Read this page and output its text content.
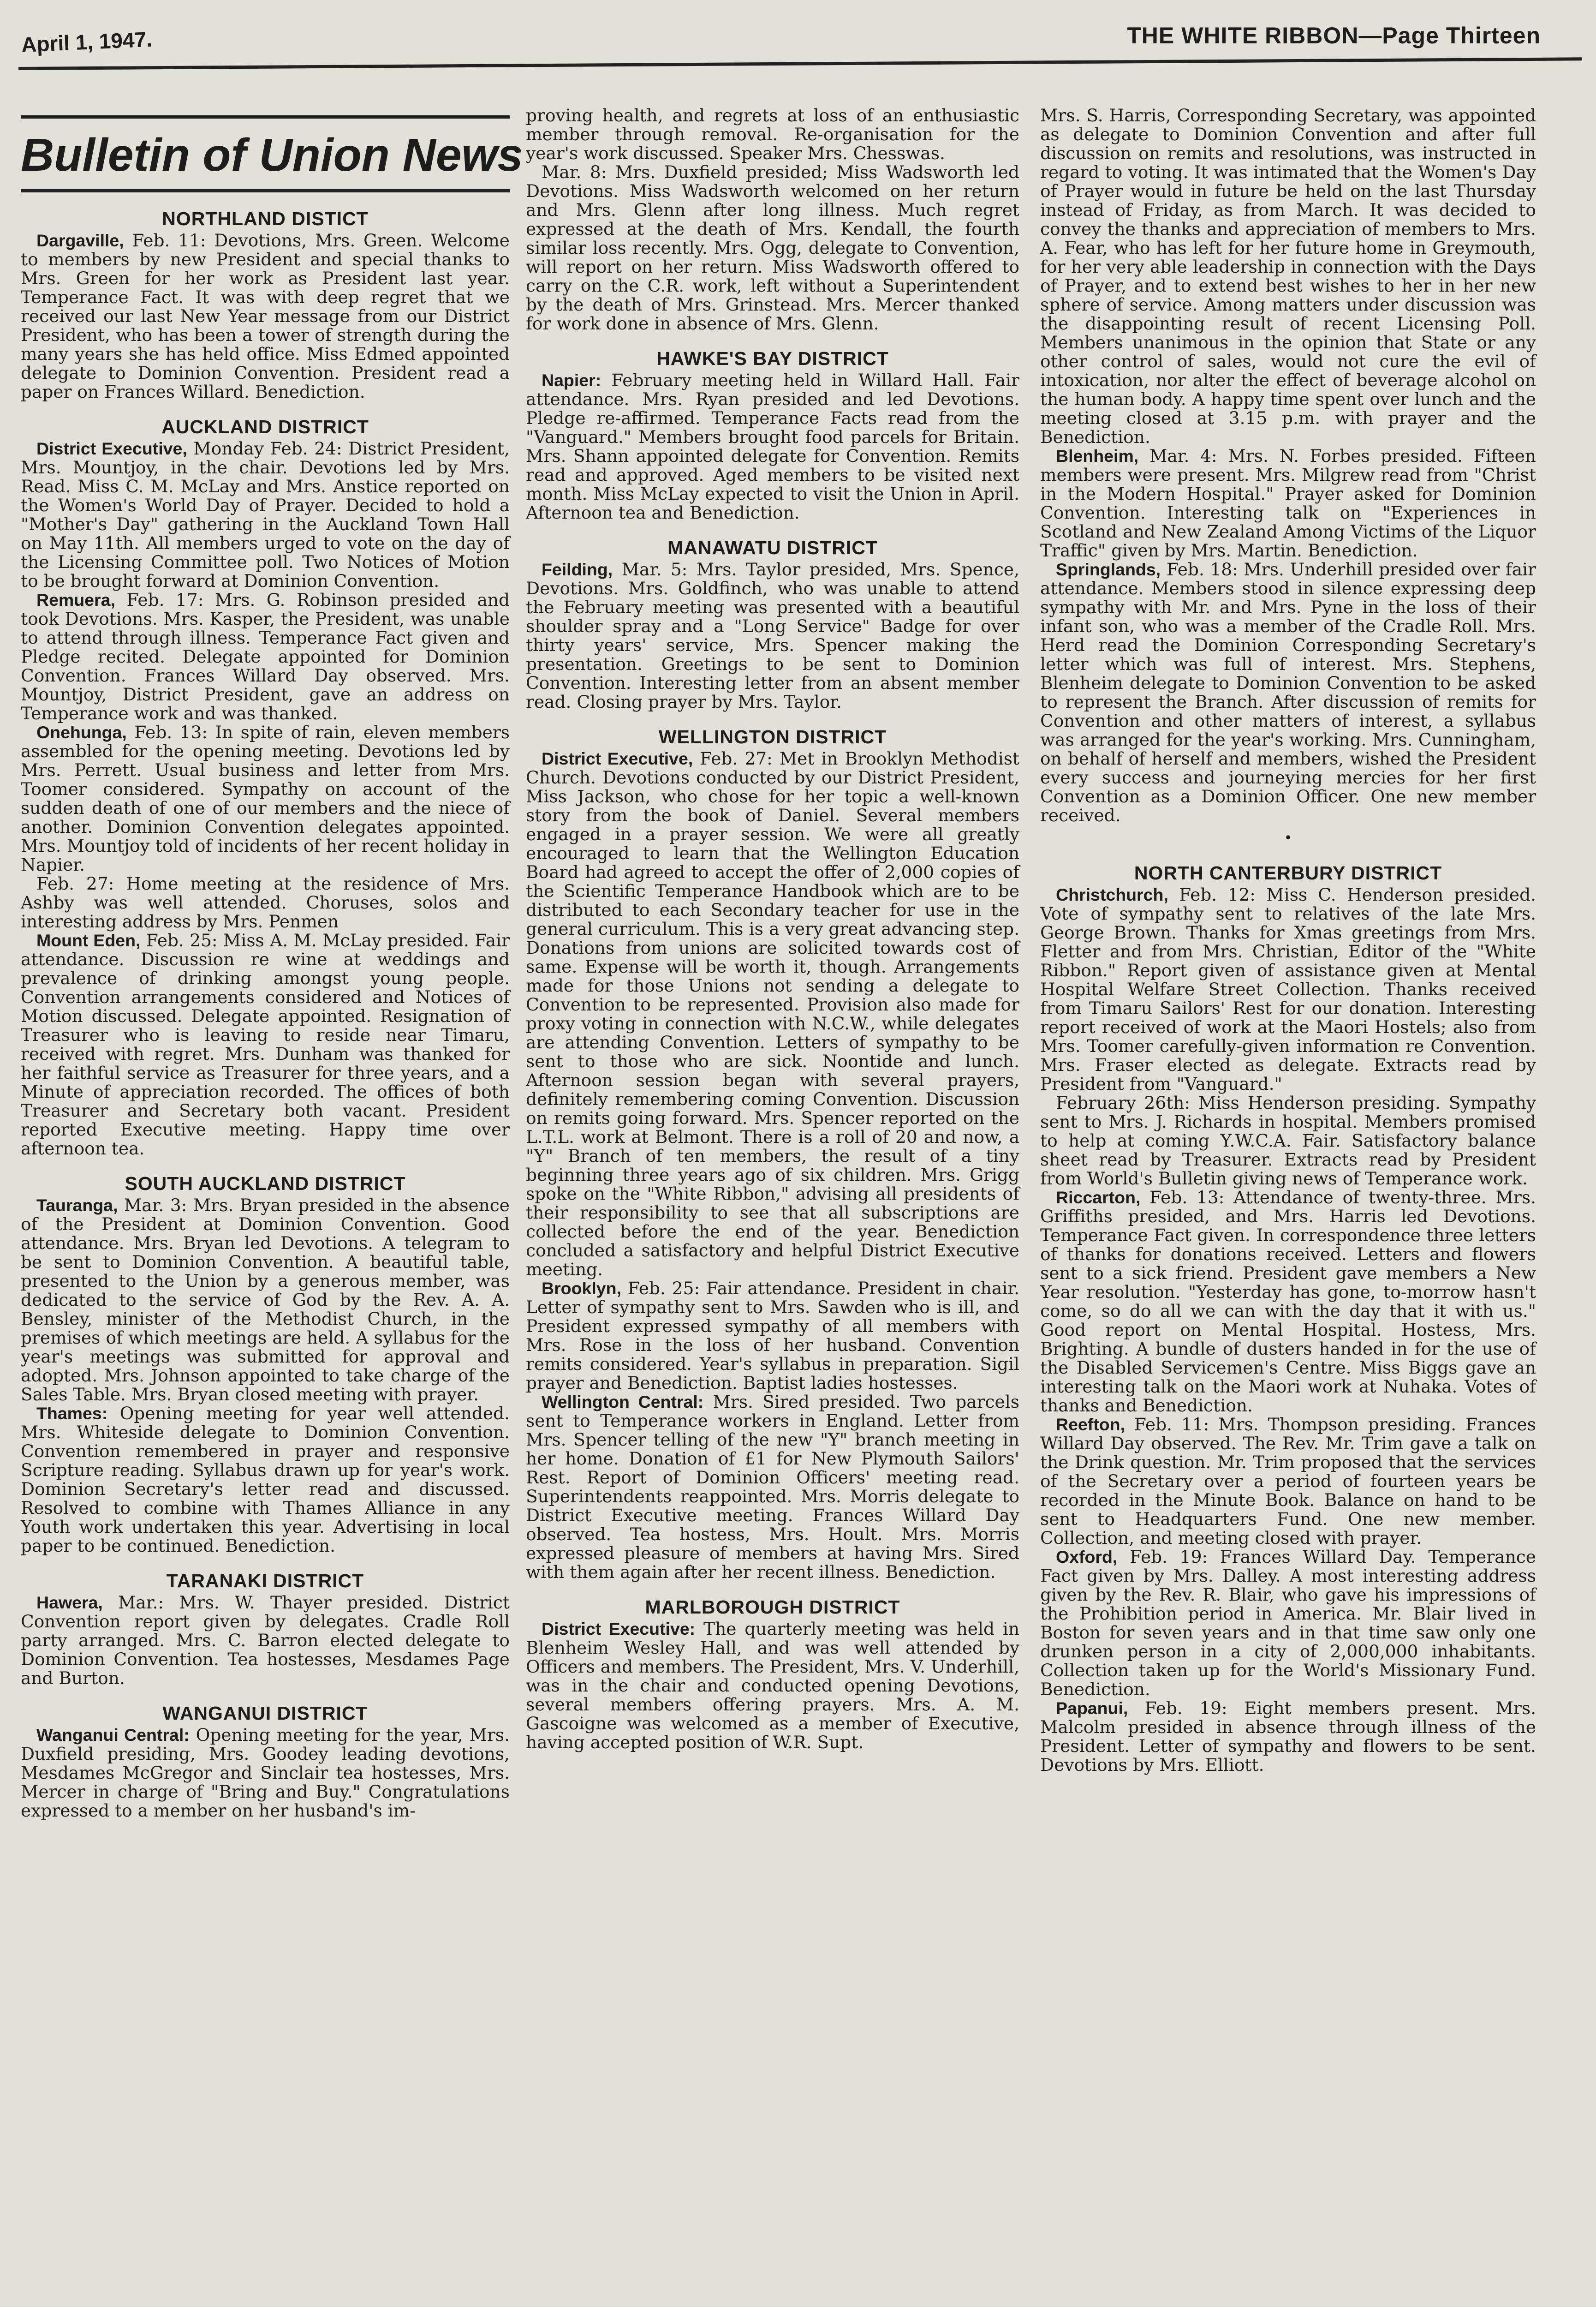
April 1, 1947.	THE WHITE RIBBON—Page Thirteen
Bulletin of Union News
NORTHLAND DISTICT

Dargaville, Feb. 11: Devotions, Mrs. Green. Welcome to members by new President and special thanks to Mrs. Green for her work as President last year. Temperance Fact. It was with deep regret that we received our last New Year message from our District President, who has been a tower of strength during the many years she has held office. Miss Edmed appointed delegate to Dominion Convention. President read a paper on Frances Willard. Benediction.

AUCKLAND DISTRICT

District Executive, Monday Feb. 24: District President, Mrs. Mountjoy, in the chair. Devotions led by Mrs. Read. Miss C. M. McLay and Mrs. Anstice reported on the Women's World Day of Prayer. Decided to hold a "Mother's Day" gathering in the Auckland Town Hall on May 11th. All members urged to vote on the day of the Licensing Committee poll. Two Notices of Motion to be brought forward at Dominion Convention.

Remuera, Feb. 17: Mrs. G. Robinson presided and took Devotions. Mrs. Kasper, the President, was unable to attend through illness. Temperance Fact given and Pledge recited. Delegate appointed for Dominion Convention. Frances Willard Day observed. Mrs. Mountjoy, District President, gave an address on Temperance work and was thanked.

Onehunga, Feb. 13: In spite of rain, eleven members assembled for the opening meeting. Devotions led by Mrs. Perrett. Usual business and letter from Mrs. Toomer considered. Sympathy on account of the sudden death of one of our members and the niece of another. Dominion Convention delegates appointed. Mrs. Mountjoy told of incidents of her recent holiday in Napier.

Feb. 27: Home meeting at the residence of Mrs. Ashby was well attended. Choruses, solos and interesting address by Mrs. Penmen

Mount Eden, Feb. 25: Miss A. M. McLay presided. Fair attendance. Discussion re wine at weddings and prevalence of drinking amongst young people. Convention arrangements considered and Notices of Motion discussed. Delegate appointed. Resignation of Treasurer who is leaving to reside near Timaru, received with regret. Mrs. Dunham was thanked for her faithful service as Treasurer for three years, and a Minute of appreciation recorded. The offices of both Treasurer and Secretary both vacant. President reported Executive meeting. Happy time over afternoon tea.

SOUTH AUCKLAND DISTRICT

Tauranga, Mar. 3: Mrs. Bryan presided in the absence of the President at Dominion Convention. Good attendance. Mrs. Bryan led Devotions. A telegram to be sent to Dominion Convention. A beautiful table, presented to the Union by a generous member, was dedicated to the service of God by the Rev. A. A. Bensley, minister of the Methodist Church, in the premises of which meetings are held. A syllabus for the year's meetings was submitted for approval and adopted. Mrs. Johnson appointed to take charge of the Sales Table. Mrs. Bryan closed meeting with prayer.

Thames: Opening meeting for year well attended. Mrs. Whiteside delegate to Dominion Convention. Convention remembered in prayer and responsive Scripture reading. Syllabus drawn up for year's work. Dominion Secretary's letter read and discussed. Resolved to combine with Thames Alliance in any Youth work undertaken this year. Advertising in local paper to be continued. Benediction.

TARANAKI DISTRICT

Hawera, Mar.: Mrs. W. Thayer presided. District Convention report given by delegates. Cradle Roll party arranged. Mrs. C. Barron elected delegate to Dominion Convention. Tea hostesses, Mesdames Page and Burton.

WANGANUI DISTRICT

Wanganui Central: Opening meeting for the year, Mrs. Duxfield presiding, Mrs. Goodey leading devotions, Mesdames McGregor and Sinclair tea hostesses, Mrs. Mercer in charge of "Bring and Buy." Congratulations expressed to a member on her husband's im-

proving health, and regrets at loss of an enthusiastic member through removal. Re-organisation for the year's work discussed. Speaker Mrs. Chesswas.

Mar. 8: Mrs. Duxfield presided; Miss Wadsworth led Devotions. Miss Wadsworth welcomed on her return and Mrs. Glenn after long illness. Much regret expressed at the death of Mrs. Kendall, the fourth similar loss recently. Mrs. Ogg, delegate to Convention, will report on her return. Miss Wadsworth offered to carry on the C.R. work, left without a Superintendent by the death of Mrs. Grinstead. Mrs. Mercer thanked for work done in absence of Mrs. Glenn.

HAWKE'S BAY DISTRICT

Napier: February meeting held in Willard Hall. Fair attendance. Mrs. Ryan presided and led Devotions. Pledge re-affirmed. Temperance Facts read from the "Vanguard." Members brought food parcels for Britain. Mrs. Shann appointed delegate for Convention. Remits read and approved. Aged members to be visited next month. Miss McLay expected to visit the Union in April. Afternoon tea and Benediction.

MANAWATU DISTRICT

Feilding, Mar. 5: Mrs. Taylor presided, Mrs. Spence, Devotions. Mrs. Goldfinch, who was unable to attend the February meeting was presented with a beautiful shoulder spray and a "Long Service" Badge for over thirty years' service, Mrs. Spencer making the presentation. Greetings to be sent to Dominion Convention. Interesting letter from an absent member read. Closing prayer by Mrs. Taylor.

WELLINGTON DISTRICT

District Executive, Feb. 27: Met in Brooklyn Methodist Church. Devotions conducted by our District President, Miss Jackson, who chose for her topic a well-known story from the book of Daniel. Several members engaged in a prayer session. We were all greatly encouraged to learn that the Wellington Education Board had agreed to accept the offer of 2,000 copies of the Scientific Temperance Handbook which are to be distributed to each Secondary teacher for use in the general curriculum. This is a very great advancing step. Donations from unions are solicited towards cost of same. Expense will be worth it, though. Arrangements made for those Unions not sending a delegate to Convention to be represented. Provision also made for proxy voting in connection with N.C.W., while delegates are attending Convention. Letters of sympathy to be sent to those who are sick. Noontide and lunch. Afternoon session began with several prayers, definitely remembering coming Convention. Discussion on remits going forward. Mrs. Spencer reported on the L.T.L. work at Belmont. There is a roll of 20 and now, a "Y" Branch of ten members, the result of a tiny beginning three years ago of six children. Mrs. Grigg spoke on the "White Ribbon," advising all presidents of their responsibility to see that all subscriptions are collected before the end of the year. Benediction concluded a satisfactory and helpful District Executive meeting.

Brooklyn, Feb. 25: Fair attendance. President in chair. Letter of sympathy sent to Mrs. Sawden who is ill, and President expressed sympathy of all members with Mrs. Rose in the loss of her husband. Convention remits considered. Year's syllabus in preparation. Sigil prayer and Benediction. Baptist ladies hostesses.

Wellington Central: Mrs. Sired presided. Two parcels sent to Temperance workers in England. Letter from Mrs. Spencer telling of the new "Y" branch meeting in her home. Donation of £1 for New Plymouth Sailors' Rest. Report of Dominion Officers' meeting read. Superintendents reappointed. Mrs. Morris delegate to District Executive meeting. Frances Willard Day observed. Tea hostess, Mrs. Hoult. Mrs. Morris expressed pleasure of members at having Mrs. Sired with them again after her recent illness. Benediction.

MARLBOROUGH DISTRICT

District Executive: The quarterly meeting was held in Blenheim Wesley Hall, and was well attended by Officers and members. The President, Mrs. V. Underhill, was in the chair and conducted opening Devotions, several members offering prayers. Mrs. A. M. Gascoigne was welcomed as a member of Executive, having accepted position of W.R. Supt.

Mrs. S. Harris, Corresponding Secretary, was appointed as delegate to Dominion Convention and after full discussion on remits and resolutions, was instructed in regard to voting. It was intimated that the Women's Day of Prayer would in future be held on the last Thursday instead of Friday, as from March. It was decided to convey the thanks and appreciation of members to Mrs. A. Fear, who has left for her future home in Greymouth, for her very able leadership in connection with the Days of Prayer, and to extend best wishes to her in her new sphere of service. Among matters under discussion was the disappointing result of recent Licensing Poll. Members unanimous in the opinion that State or any other control of sales, would not cure the evil of intoxication, nor alter the effect of beverage alcohol on the human body. A happy time spent over lunch and the meeting closed at 3.15 p.m. with prayer and the Benediction.

Blenheim, Mar. 4: Mrs. N. Forbes presided. Fifteen members were present. Mrs. Milgrew read from "Christ in the Modern Hospital." Prayer asked for Dominion Convention. Interesting talk on "Experiences in Scotland and New Zealand Among Victims of the Liquor Traffic" given by Mrs. Martin. Benediction.

Springlands, Feb. 18: Mrs. Underhill presided over fair attendance. Members stood in silence expressing deep sympathy with Mr. and Mrs. Pyne in the loss of their infant son, who was a member of the Cradle Roll. Mrs. Herd read the Dominion Corresponding Secretary's letter which was full of interest. Mrs. Stephens, Blenheim delegate to Dominion Convention to be asked to represent the Branch. After discussion of remits for Convention and other matters of interest, a syllabus was arranged for the year's working. Mrs. Cunningham, on behalf of herself and members, wished the President every success and journeying mercies for her first Convention as a Dominion Officer. One new member received.

•
NORTH CANTERBURY DISTRICT

Christchurch, Feb. 12: Miss C. Henderson presided. Vote of sympathy sent to relatives of the late Mrs. George Brown. Thanks for Xmas greetings from Mrs. Fletter and from Mrs. Christian, Editor of the "White Ribbon." Report given of assistance given at Mental Hospital Welfare Street Collection. Thanks received from Timaru Sailors' Rest for our donation. Interesting report received of work at the Maori Hostels; also from Mrs. Toomer carefully-given information re Convention. Mrs. Fraser elected as delegate. Extracts read by President from "Vanguard."

February 26th: Miss Henderson presiding. Sympathy sent to Mrs. J. Richards in hospital. Members promised to help at coming Y.W.C.A. Fair. Satisfactory balance sheet read by Treasurer. Extracts read by President from World's Bulletin giving news of Temperance work.

Riccarton, Feb. 13: Attendance of twenty-three. Mrs. Griffiths presided, and Mrs. Harris led Devotions. Temperance Fact given. In correspondence three letters of thanks for donations received. Letters and flowers sent to a sick friend. President gave members a New Year resolution. "Yesterday has gone, to-morrow hasn't come, so do all we can with the day that it with us." Good report on Mental Hospital. Hostess, Mrs. Brighting. A bundle of dusters handed in for the use of the Disabled Servicemen's Centre. Miss Biggs gave an interesting talk on the Maori work at Nuhaka. Votes of thanks and Benediction.

Reefton, Feb. 11: Mrs. Thompson presiding. Frances Willard Day observed. The Rev. Mr. Trim gave a talk on the Drink question. Mr. Trim proposed that the services of the Secretary over a period of fourteen years be recorded in the Minute Book. Balance on hand to be sent to Headquarters Fund. One new member. Collection, and meeting closed with prayer.

Oxford, Feb. 19: Frances Willard Day. Temperance Fact given by Mrs. Dalley. A most interesting address given by the Rev. R. Blair, who gave his impressions of the Prohibition period in America. Mr. Blair lived in Boston for seven years and in that time saw only one drunken person in a city of 2,000,000 inhabitants. Collection taken up for the World's Missionary Fund. Benediction.

Papanui, Feb. 19: Eight members present. Mrs. Malcolm presided in absence through illness of the President. Letter of sympathy and flowers to be sent. Devotions by Mrs. Elliott.
